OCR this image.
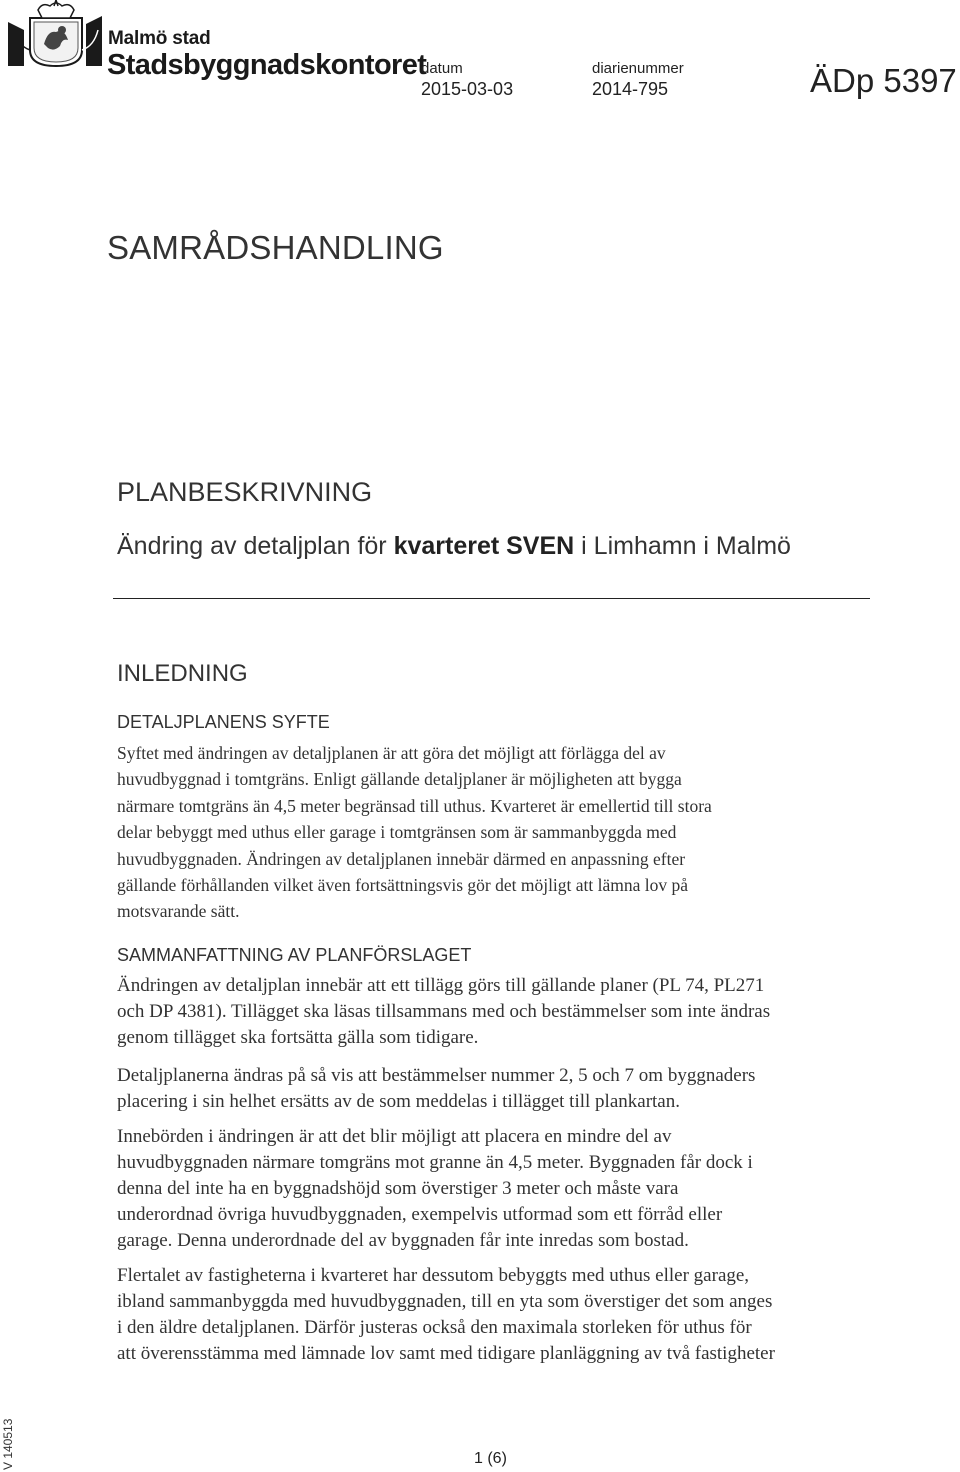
Malmö stad
Stadsbyggnadskontoret
datum
2015-03-03
diarienummer
2014-795	ÄDp 5397
SAMRÅDSHANDLING
PLANBESKRIVNING
Ändring av detaljplan för kvarteret SVEN i Limhamn i Malmö
INLEDNING
DETALJPLANENS SYFTE
Syftet med ändringen av detaljplanen är att göra det möjligt att förlägga del av
huvudbyggnad i tomtgräns. Enligt gällande detaljplaner är möjligheten att bygga
närmare tomtgräns än 4,5 meter begränsad till uthus. Kvarteret är emellertid till stora
delar bebyggt med uthus eller garage i tomtgränsen som är sammanbyggda med
huvudbyggnaden. Ändringen av detaljplanen innebär därmed en anpassning efter
gällande förhållanden vilket även fortsättningsvis gör det möjligt att lämna lov på
motsvarande sätt.
SAMMANFATTNING AV PLANFÖRSLAGET
Ändringen av detaljplan innebär att ett tillägg görs till gällande planer (PL 74, PL271
och DP 4381). Tillägget ska läsas tillsammans med och bestämmelser som inte ändras
genom tillägget ska fortsätta gälla som tidigare.
Detaljplanerna ändras på så vis att bestämmelser nummer 2, 5 och 7 om byggnaders
placering i sin helhet ersätts av de som meddelas i tillägget till plankartan.
Innebörden i ändringen är att det blir möjligt att placera en mindre del av
huvudbyggnaden närmare tomgräns mot granne än 4,5 meter. Byggnaden får dock i
denna del inte ha en byggnadshöjd som överstiger 3 meter och måste vara
underordnad övriga huvudbyggnaden, exempelvis utformad som ett förråd eller
garage. Denna underordnade del av byggnaden får inte inredas som bostad.
Flertalet av fastigheterna i kvarteret har dessutom bebyggts med uthus eller garage,
ibland sammanbyggda med huvudbyggnaden, till en yta som överstiger det som anges
i den äldre detaljplanen. Därför justeras också den maximala storleken för uthus för
att överensstämma med lämnade lov samt med tidigare planläggning av två fastigheter
V 140513	1 (6)
